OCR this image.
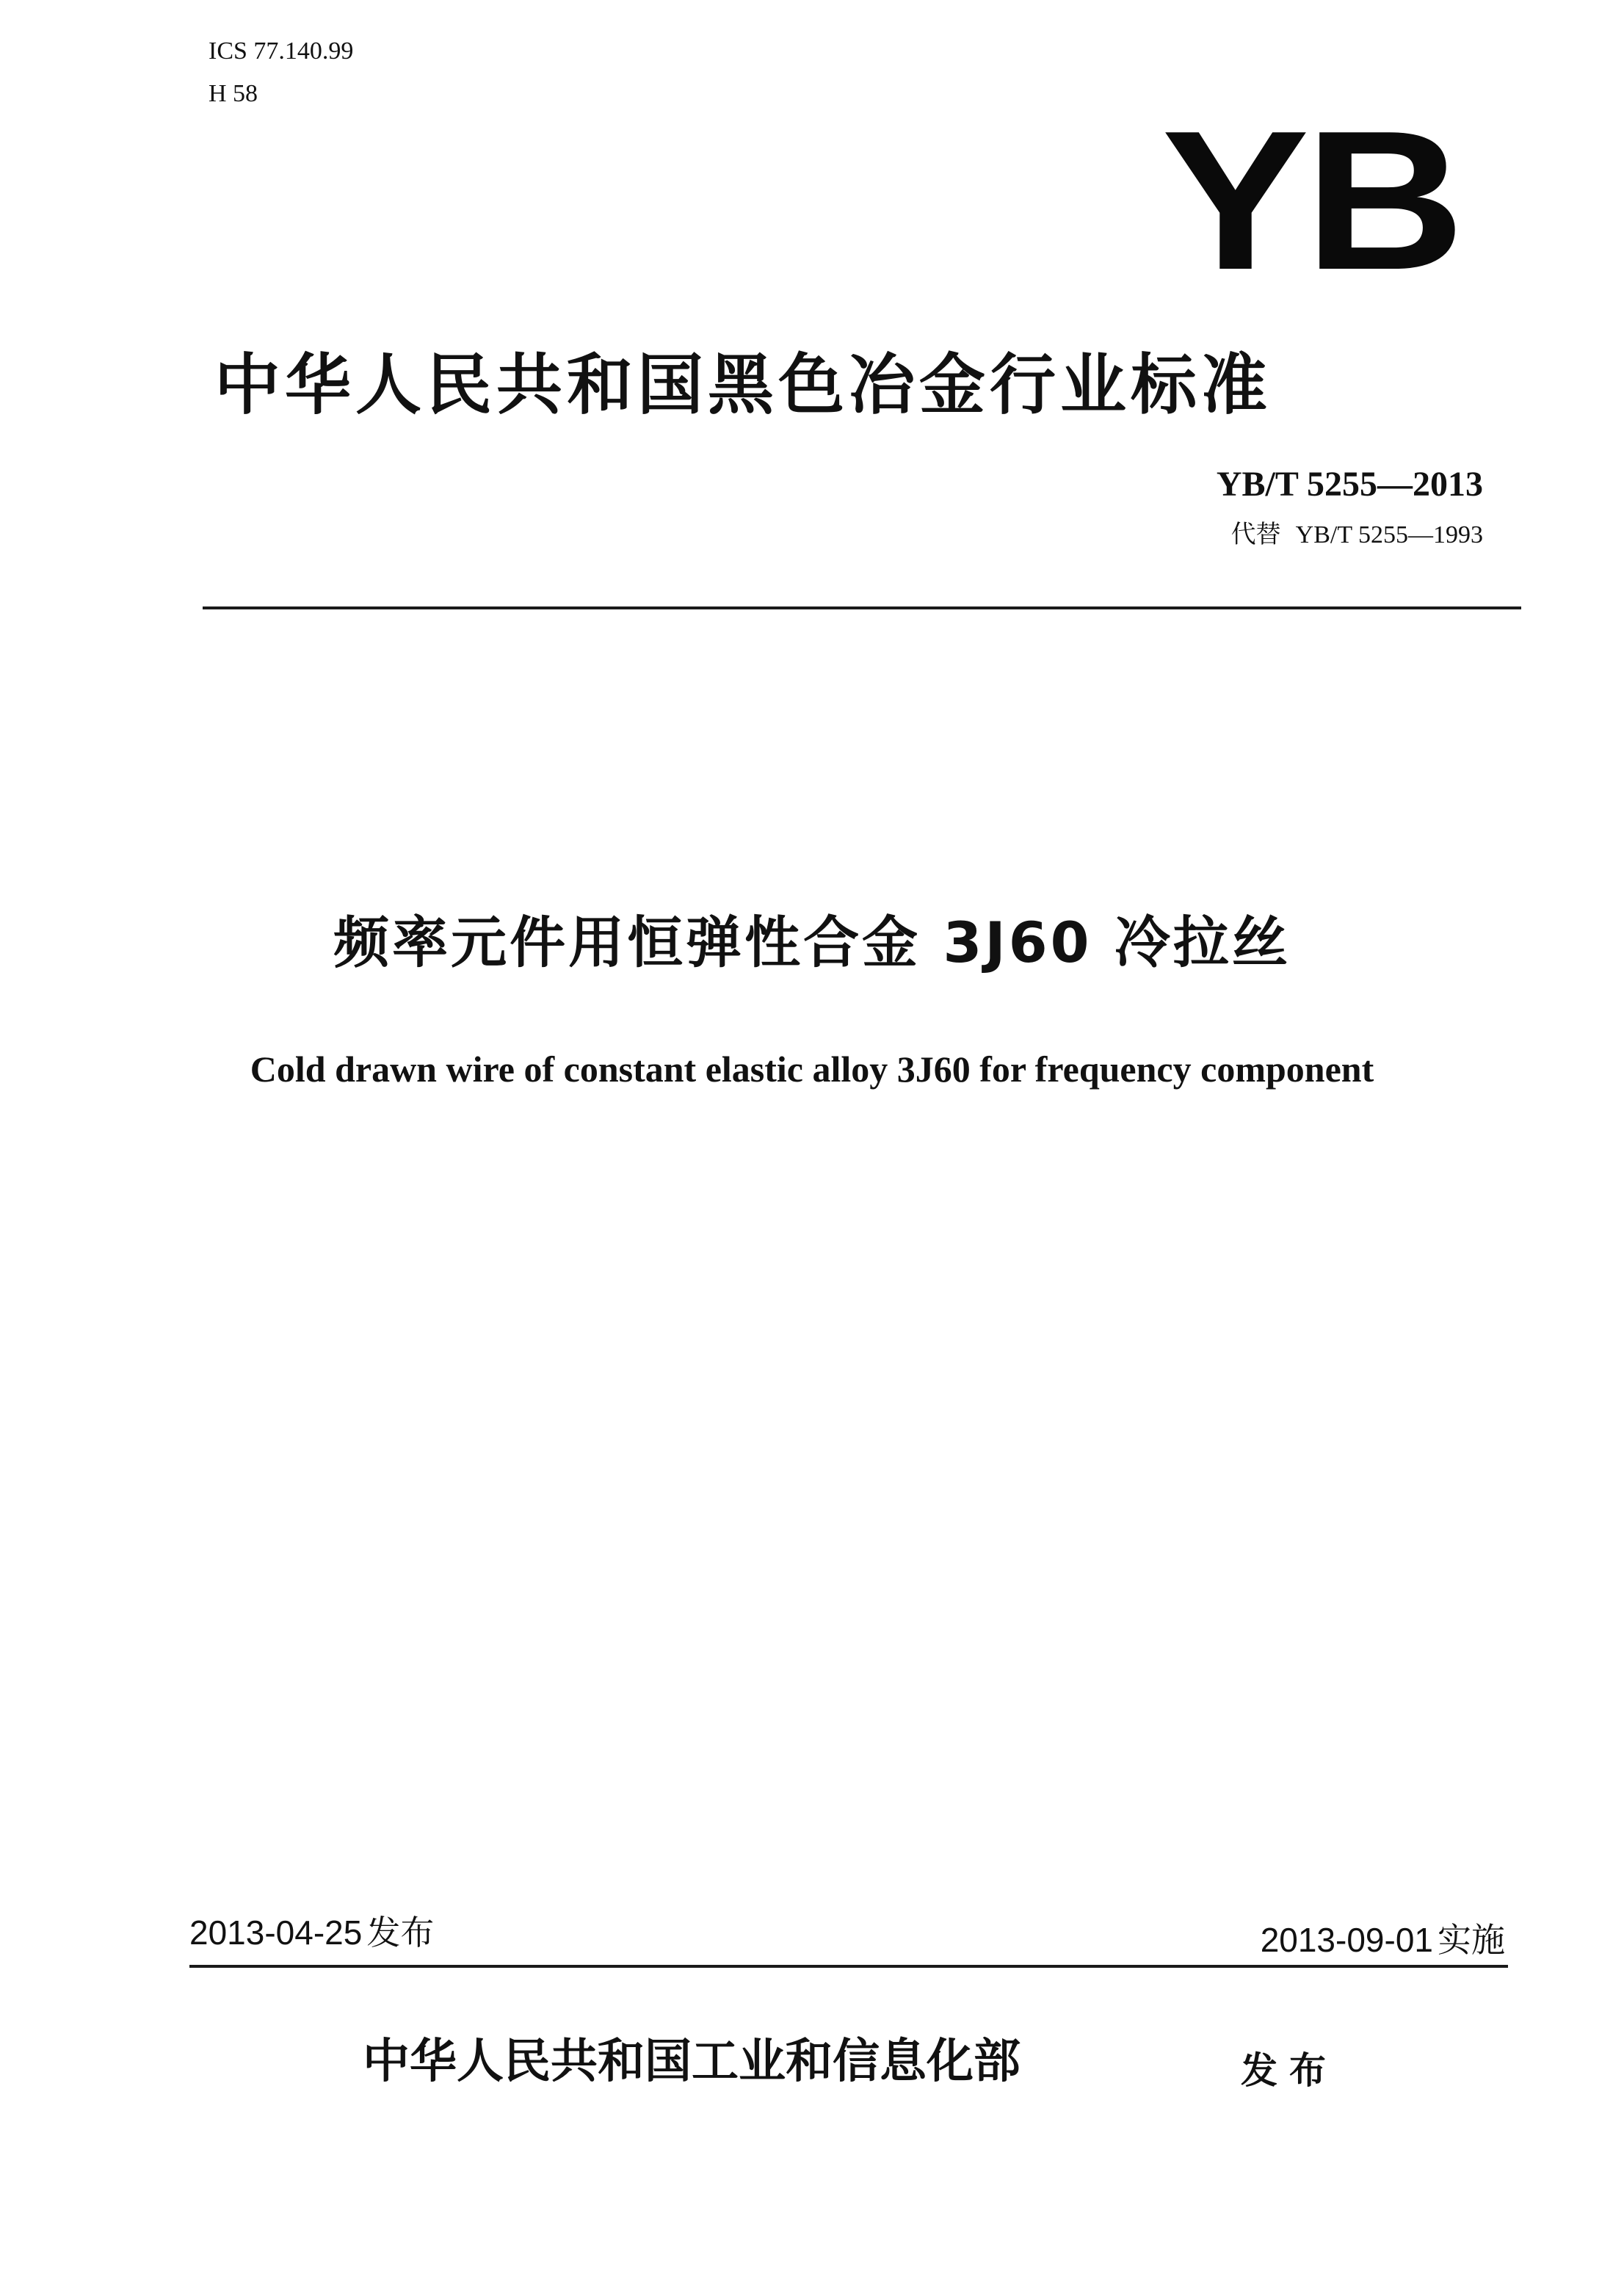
ICS 77.140.99
H 58	YB
中华人民共和国黑色冶金行业标准
YB/T 5255—2013
代替 YB/T 5255—1993
频率元件用恒弹性合金 3J60 冷拉丝
Cold drawn wire of constant elastic alloy 3J60 for frequency component
2013-04-25 发布	2013-09-01 实施
中华人民共和国工业和信息化部	发布
